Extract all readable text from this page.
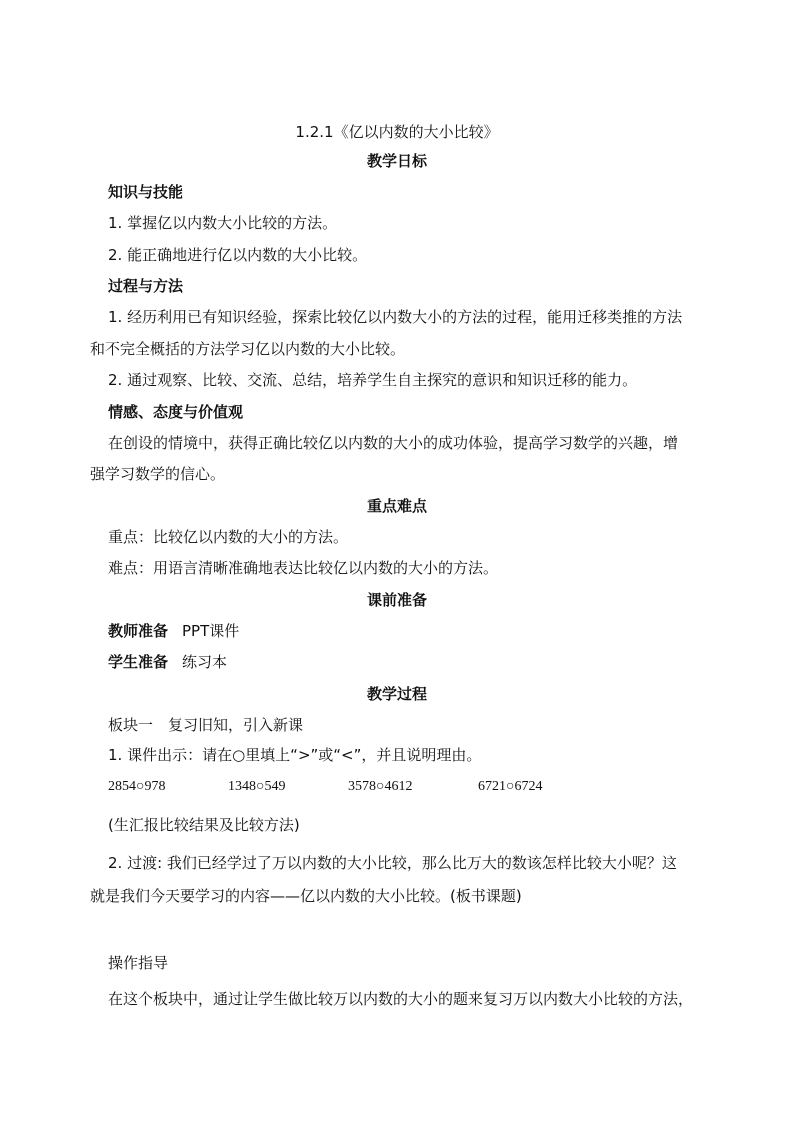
1.2.1《亿以内数的大小比较》
教学日标
知识与技能
1. 掌握亿以内数大小比较的方法。
2. 能正确地进行亿以内数的大小比较。
过程与方法
1. 经历利用已有知识经验，探索比较亿以内数大小的方法的过程，能用迁移类推的方法
和不完全概括的方法学习亿以内数的大小比较。
2. 通过观察、比较、交流、总结，培养学生自主探究的意识和知识迁移的能力。
情感、态度与价值观
在创设的情境中，获得正确比较亿以内数的大小的成功体验，提高学习数学的兴趣，增
强学习数学的信心。
重点难点
重点：比较亿以内数的大小的方法。
难点：用语言清晰准确地表达比较亿以内数的大小的方法。
课前准备
教师准备 PPT课件
学生准备 练习本
教学过程
板块一　复习旧知，引入新课
1. 课件出示：请在○里填上“>”或“<”，并且说明理由。
2854○978	1348○549	3578○4612	6721○6724
(生汇报比较结果及比较方法)
2. 过渡: 我们已经学过了万以内数的大小比较，那么比万大的数该怎样比较大小呢？这
就是我们今天要学习的内容——亿以内数的大小比较。(板书课题)
操作指导
在这个板块中，通过让学生做比较万以内数的大小的题来复习万以内数大小比较的方法，
